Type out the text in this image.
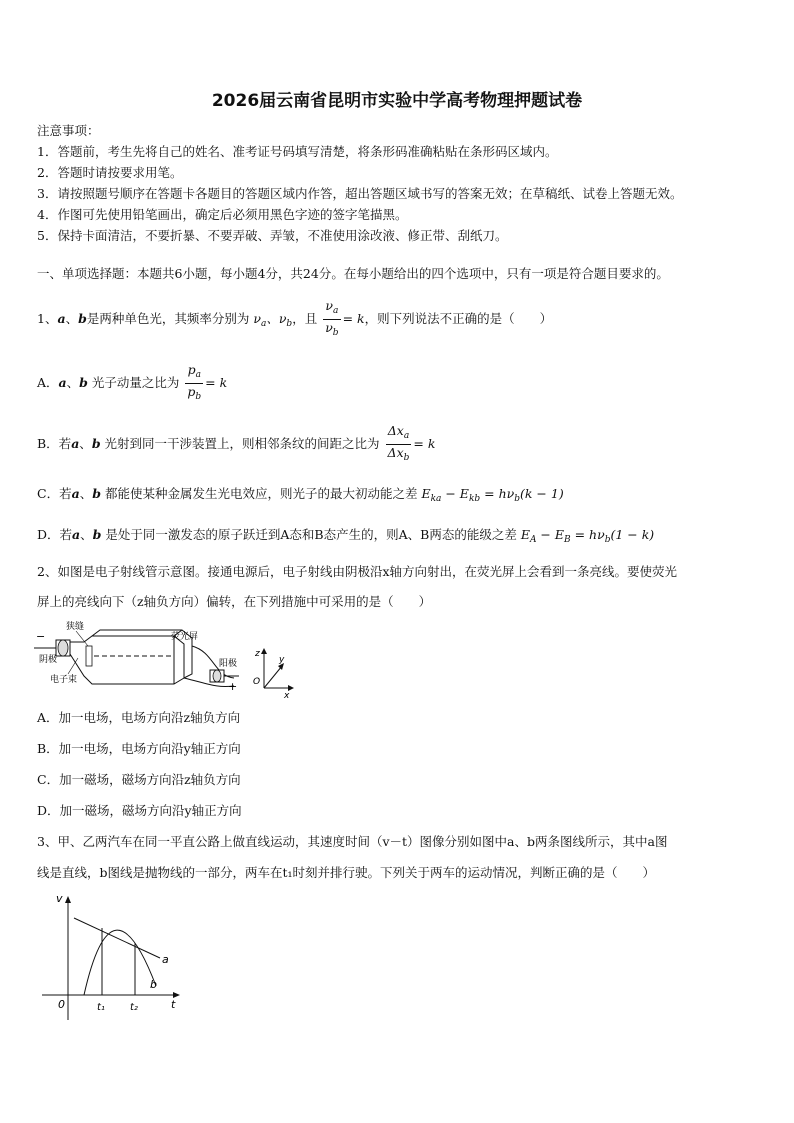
2026届云南省昆明市实验中学高考物理押题试卷
注意事项：
1．答题前，考生先将自己的姓名、准考证号码填写清楚，将条形码准确粘贴在条形码区域内。
2．答题时请按要求用笔。
3．请按照题号顺序在答题卡各题目的答题区域内作答，超出答题区域书写的答案无效；在草稿纸、试卷上答题无效。
4．作图可先使用铅笔画出，确定后必须用黑色字迹的签字笔描黑。
5．保持卡面清洁，不要折暴、不要弄破、弄皱，不准使用涂改液、修正带、刮纸刀。
一、单项选择题：本题共6小题，每小题4分，共24分。在每小题给出的四个选项中，只有一项是符合题目要求的。
1、a、b是两种单色光，其频率分别为 $\nu_a$、$\nu_b$，且 $\frac{\nu_a}{\nu_b} = k$，则下列说法不正确的是（　　）
A．a、b 光子动量之比为 $\frac{p_a}{p_b} = k$
B．若a、b 光射到同一干涉装置上，则相邻条纹的间距之比为 $\frac{\Delta x_a}{\Delta x_b} = k$
C．若a、b 都能使某种金属发生光电效应，则光子的最大初动能之差 $E_{ka} - E_{kb} = h\nu_b(k - 1)$
D．若a、b 是处于同一激发态的原子跃迁到A态和B态产生的，则A、B两态的能级之差 $E_A - E_B = h\nu_b(1 - k)$
2、如图是电子射线管示意图。接通电源后，电子射线由阴极沿x轴方向射出，在荧光屏上会看到一条亮线。要使荧光
屏上的亮线向下（z轴负方向）偏转，在下列措施中可采用的是（　　）
−
狭缝
荧光屏
阴极	阳极
电子束	+
z
y
x
O
A．加一电场，电场方向沿z轴负方向
B．加一电场，电场方向沿y轴正方向
C．加一磁场，磁场方向沿z轴负方向
D．加一磁场，磁场方向沿y轴正方向
3、甲、乙两汽车在同一平直公路上做直线运动，其速度时间（v－t）图像分别如图中a、b两条图线所示，其中a图
线是直线，b图线是抛物线的一部分，两车在t₁时刻并排行驶。下列关于两车的运动情况，判断正确的是（　　）
v
t
0	t₁	t₂
a
b
